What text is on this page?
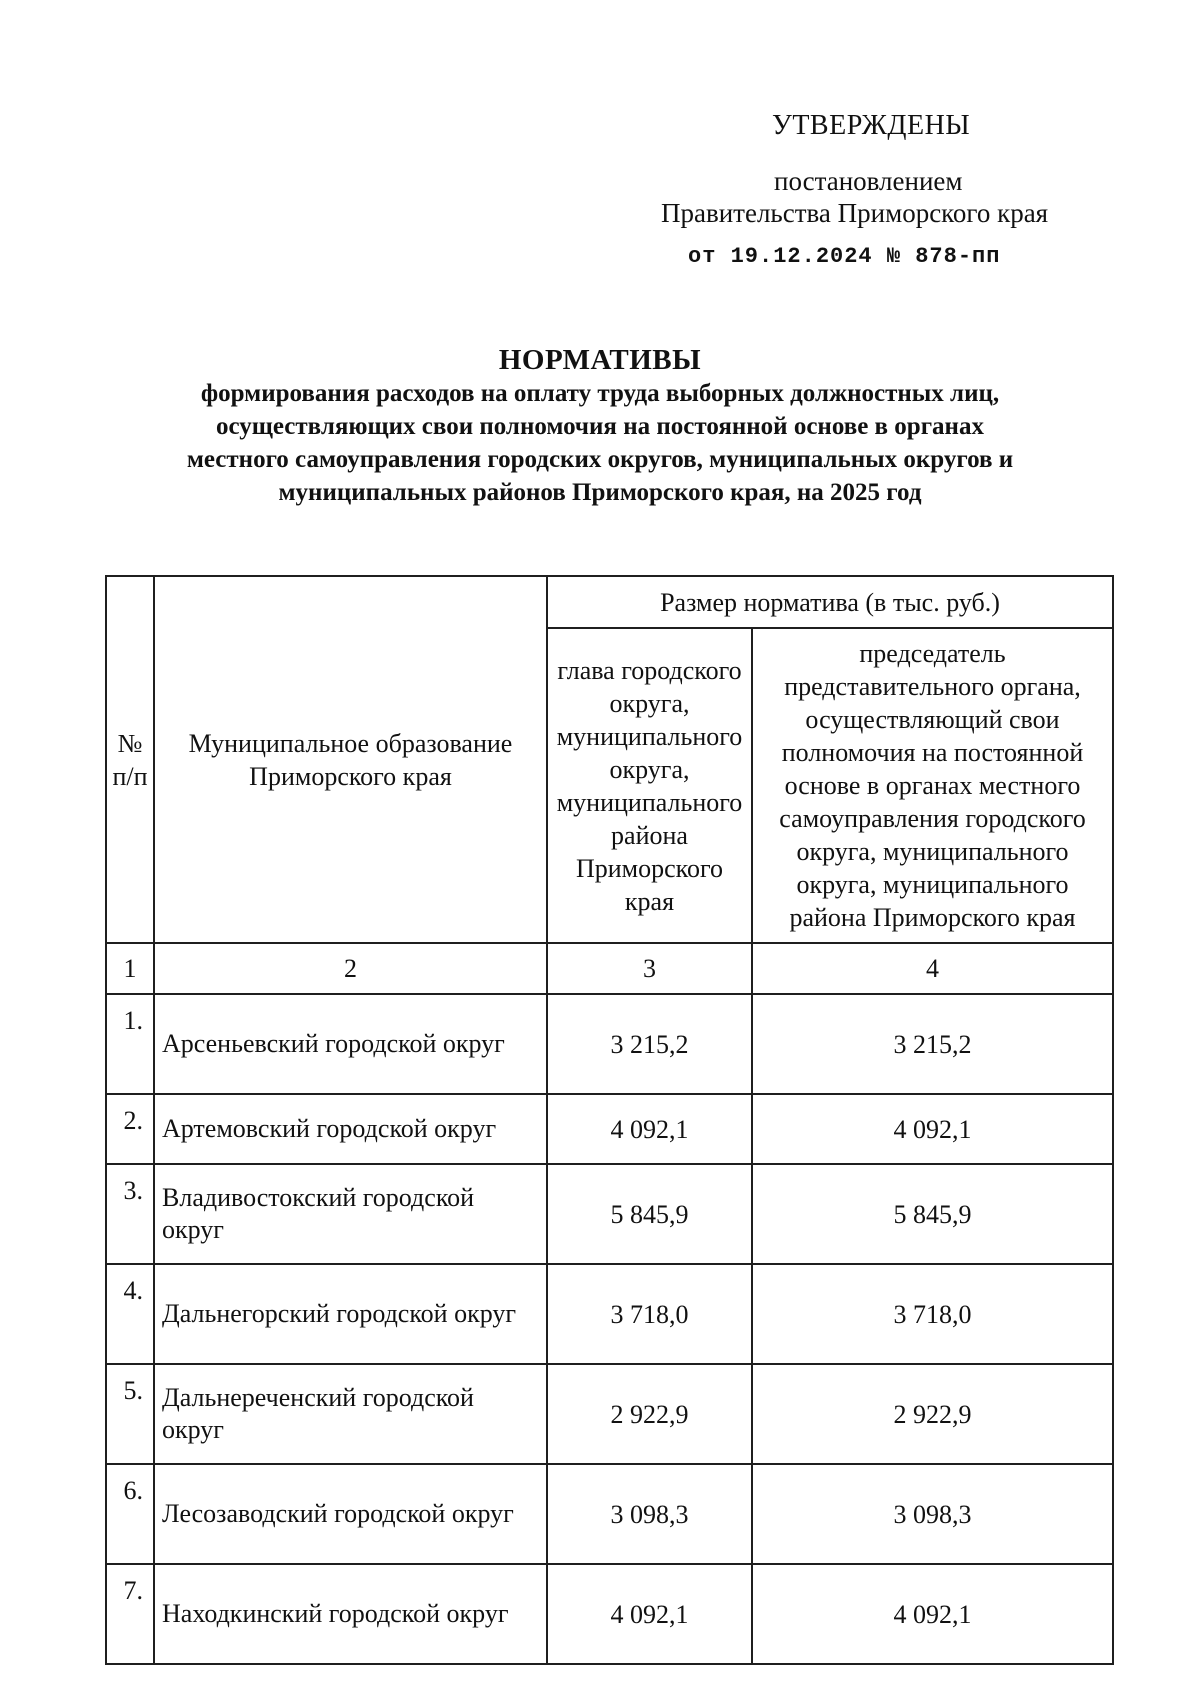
УТВЕРЖДЕНЫ
постановлением
Правительства Приморского края
от 19.12.2024 № 878-пп
НОРМАТИВЫ
формирования расходов на оплату труда выборных должностных лиц,
осуществляющих свои полномочия на постоянной основе в органах
местного самоуправления городских округов, муниципальных округов и
муниципальных районов Приморского края, на 2025 год
№ п/п	Муниципальное образование Приморского края	Размер норматива (в тыс. руб.)	
		глава городского округа, муниципального округа, муниципального района Приморского края	председатель представительного органа, осуществляющий свои полномочия на постоянной основе в органах местного самоуправления городского округа, муниципального округа, муниципального района Приморского края
1	2	3	4
1.	Арсеньевский городской округ	3 215,2	3 215,2
2.	Артемовский городской округ	4 092,1	4 092,1
3.	Владивостокский городской округ	5 845,9	5 845,9
4.	Дальнегорский городской округ	3 718,0	3 718,0
5.	Дальнереченский городской округ	2 922,9	2 922,9
6.	Лесозаводский городской округ	3 098,3	3 098,3
7.	Находкинский городской округ	4 092,1	4 092,1
